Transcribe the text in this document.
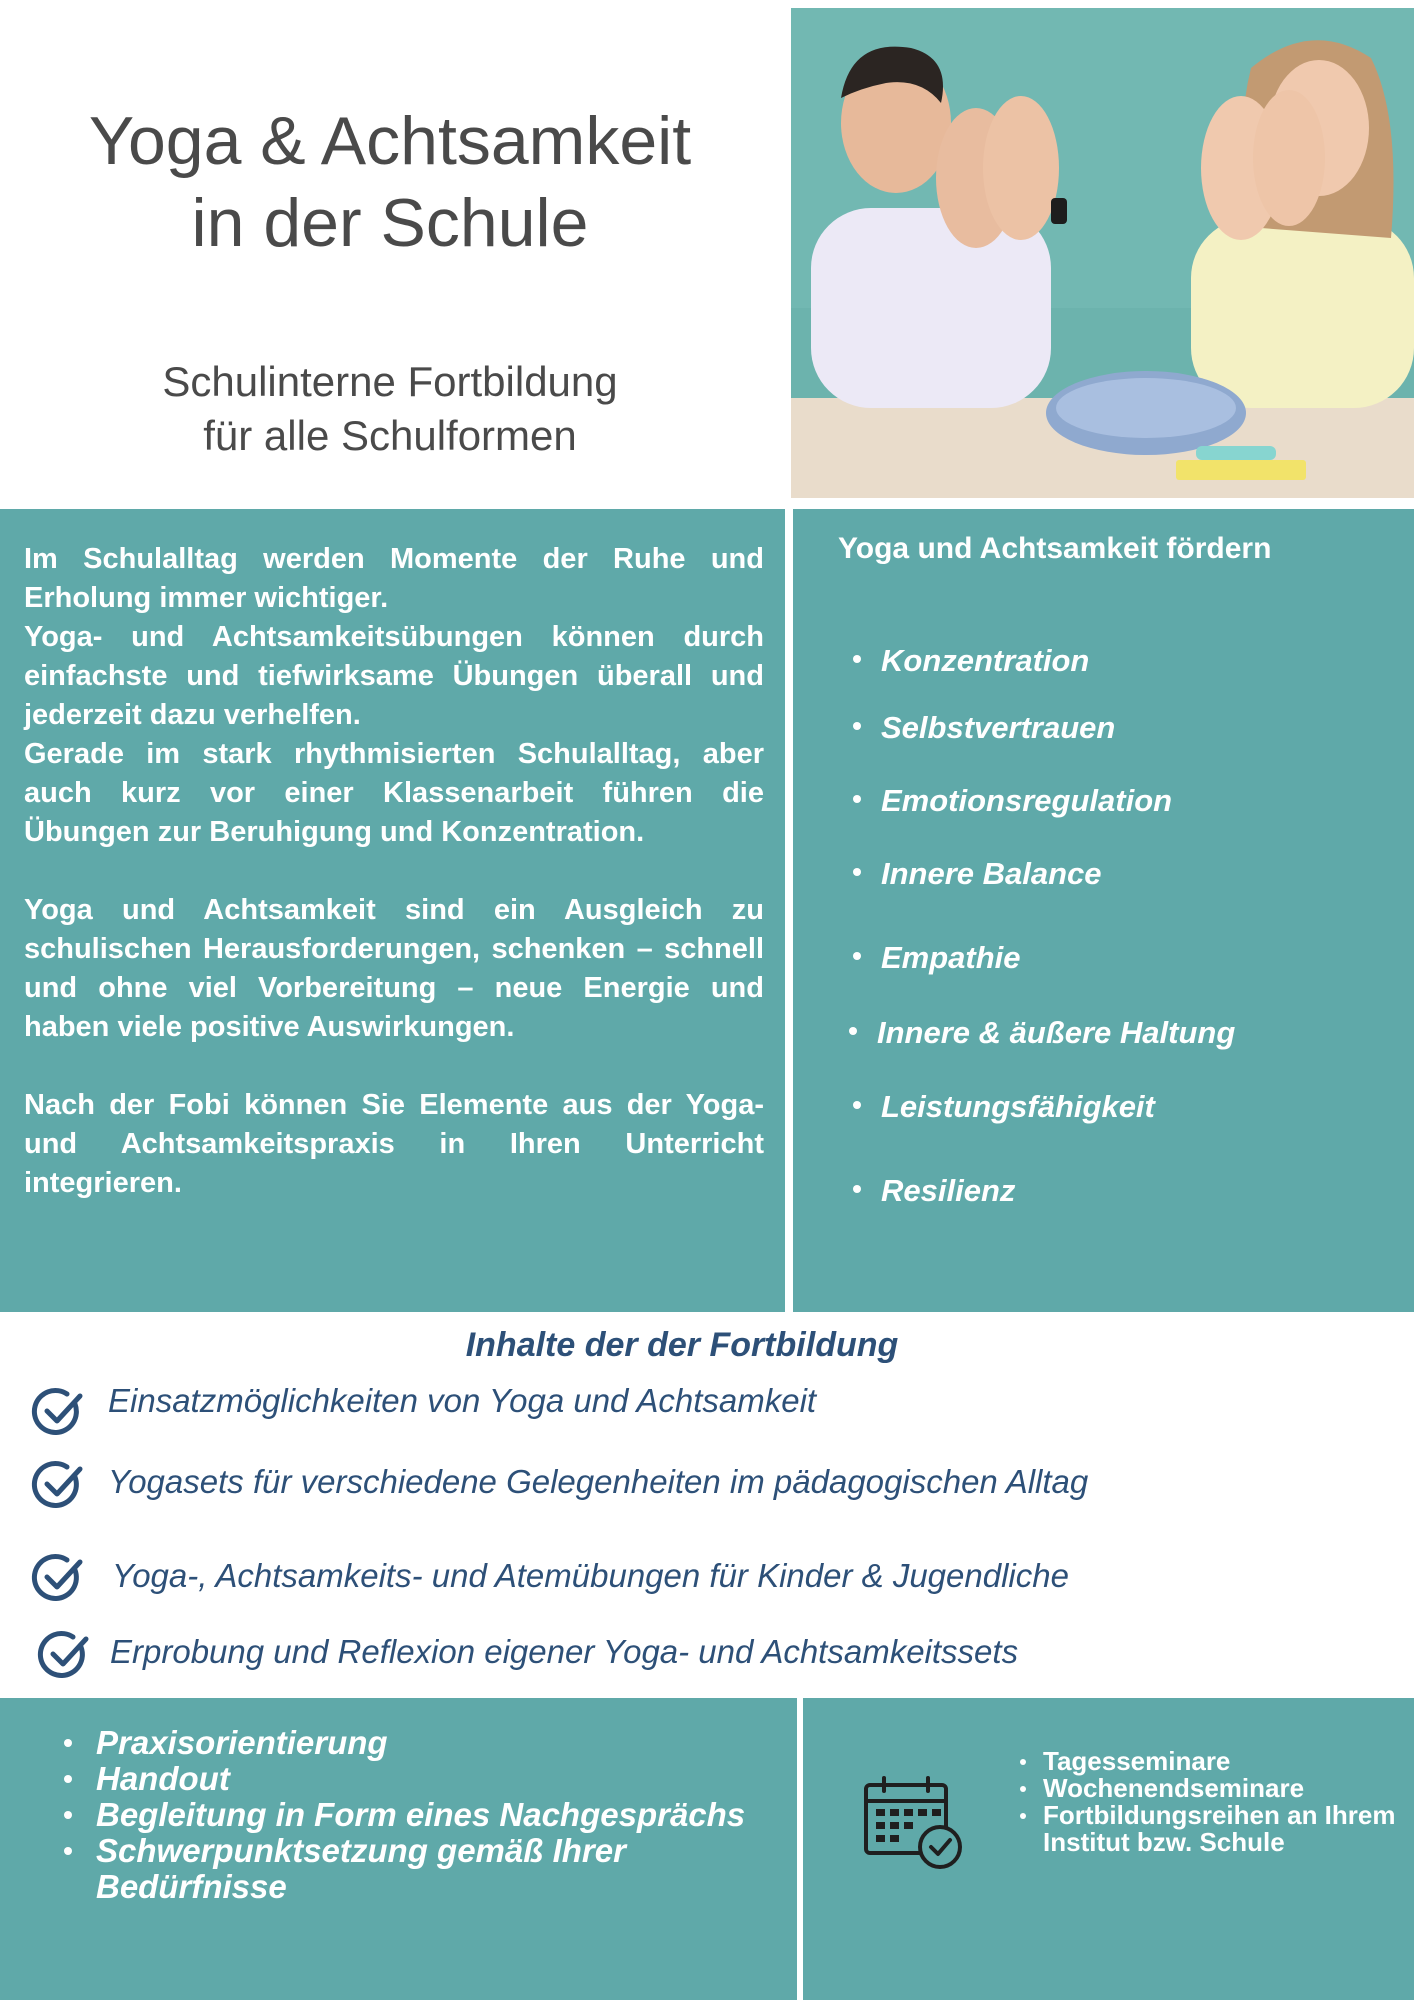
Yoga & Achtsamkeit
in der Schule
Schulinterne Fortbildung
für alle Schulformen

Im Schulalltag werden Momente der Ruhe und Erholung immer wichtiger.

Yoga- und Achtsamkeitsübungen können durch einfachste und tiefwirksame Übungen überall und jederzeit dazu verhelfen.

Gerade im stark rhythmisierten Schulalltag, aber auch kurz vor einer Klassenarbeit führen die Übungen zur Beruhigung und Konzentration.

Yoga und Achtsamkeit sind ein Ausgleich zu schulischen Herausforderungen, schenken – schnell und ohne viel Vorbereitung – neue Energie und haben viele positive Auswirkungen.

Nach der Fobi können Sie Elemente aus der Yoga- und Achtsamkeitspraxis in Ihren Unterricht integrieren.

Yoga und Achtsamkeit fördern
Konzentration
Selbstvertrauen
Emotionsregulation
Innere Balance
Empathie
Innere & äußere Haltung
Leistungsfähigkeit
Resilienz
Inhalte der der Fortbildung
Einsatzmöglichkeiten von Yoga und Achtsamkeit
Yogasets für verschiedene Gelegenheiten im pädagogischen Alltag
Yoga-, Achtsamkeits- und Atemübungen für Kinder & Jugendliche
Erprobung und Reflexion eigener Yoga- und Achtsamkeitssets
Praxisorientierung
Handout
Begleitung in Form eines Nachgesprächs
Schwerpunktsetzung gemäß Ihrer Bedürfnisse
Tagesseminare
Wochenendseminare
Fortbildungsreihen an Ihrem Institut bzw. Schule
